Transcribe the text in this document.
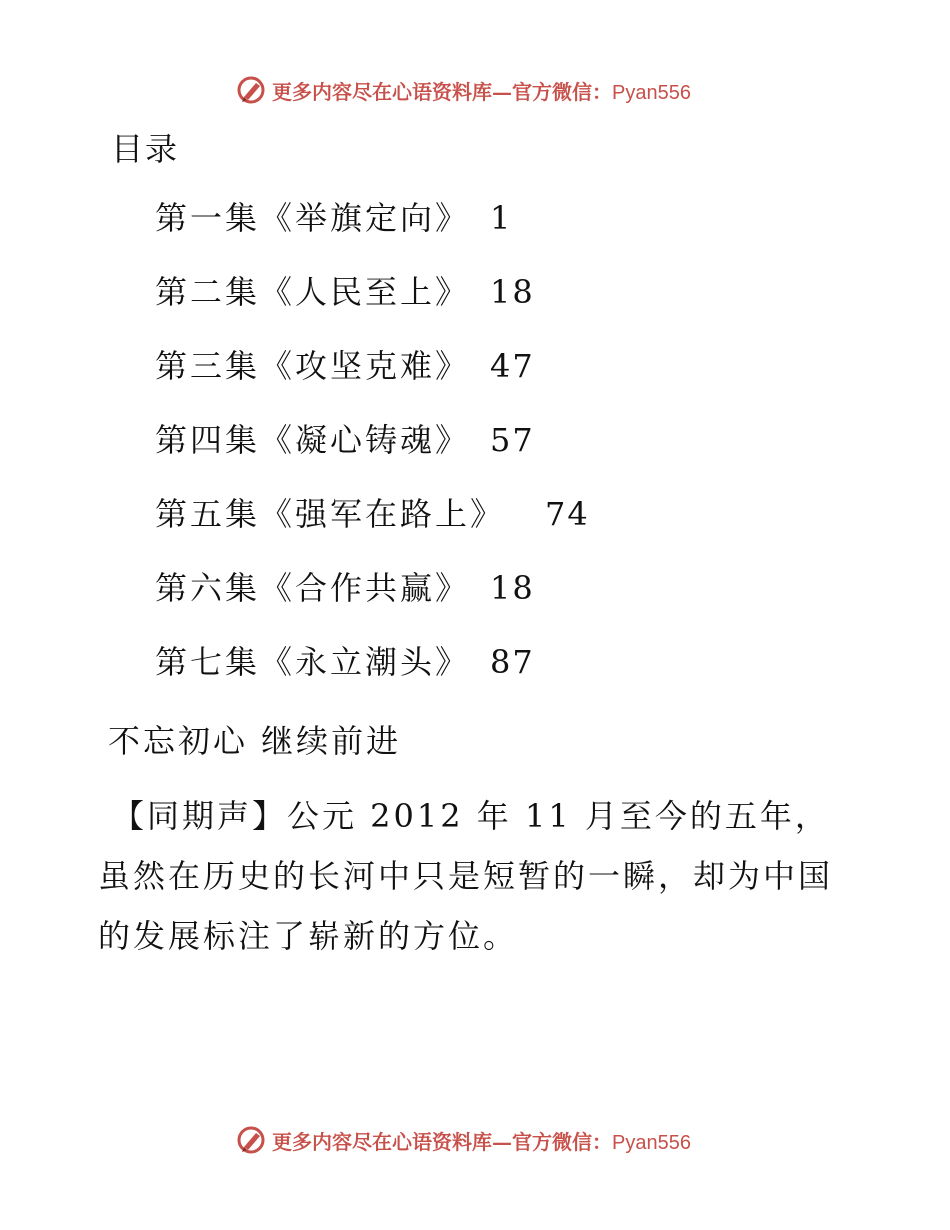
更多内容尽在心语资料库—官方微信：Pyan556
目录
第一集《举旗定向》 1
第二集《人民至上》 18
第三集《攻坚克难》 47
第四集《凝心铸魂》 57
第五集《强军在路上》 74
第六集《合作共赢》 18
第七集《永立潮头》 87
不忘初心 继续前进
【同期声】公元 2012 年 11 月至今的五年，虽然在历史的长河中只是短暂的一瞬，却为中国的发展标注了崭新的方位。
更多内容尽在心语资料库—官方微信：Pyan556
